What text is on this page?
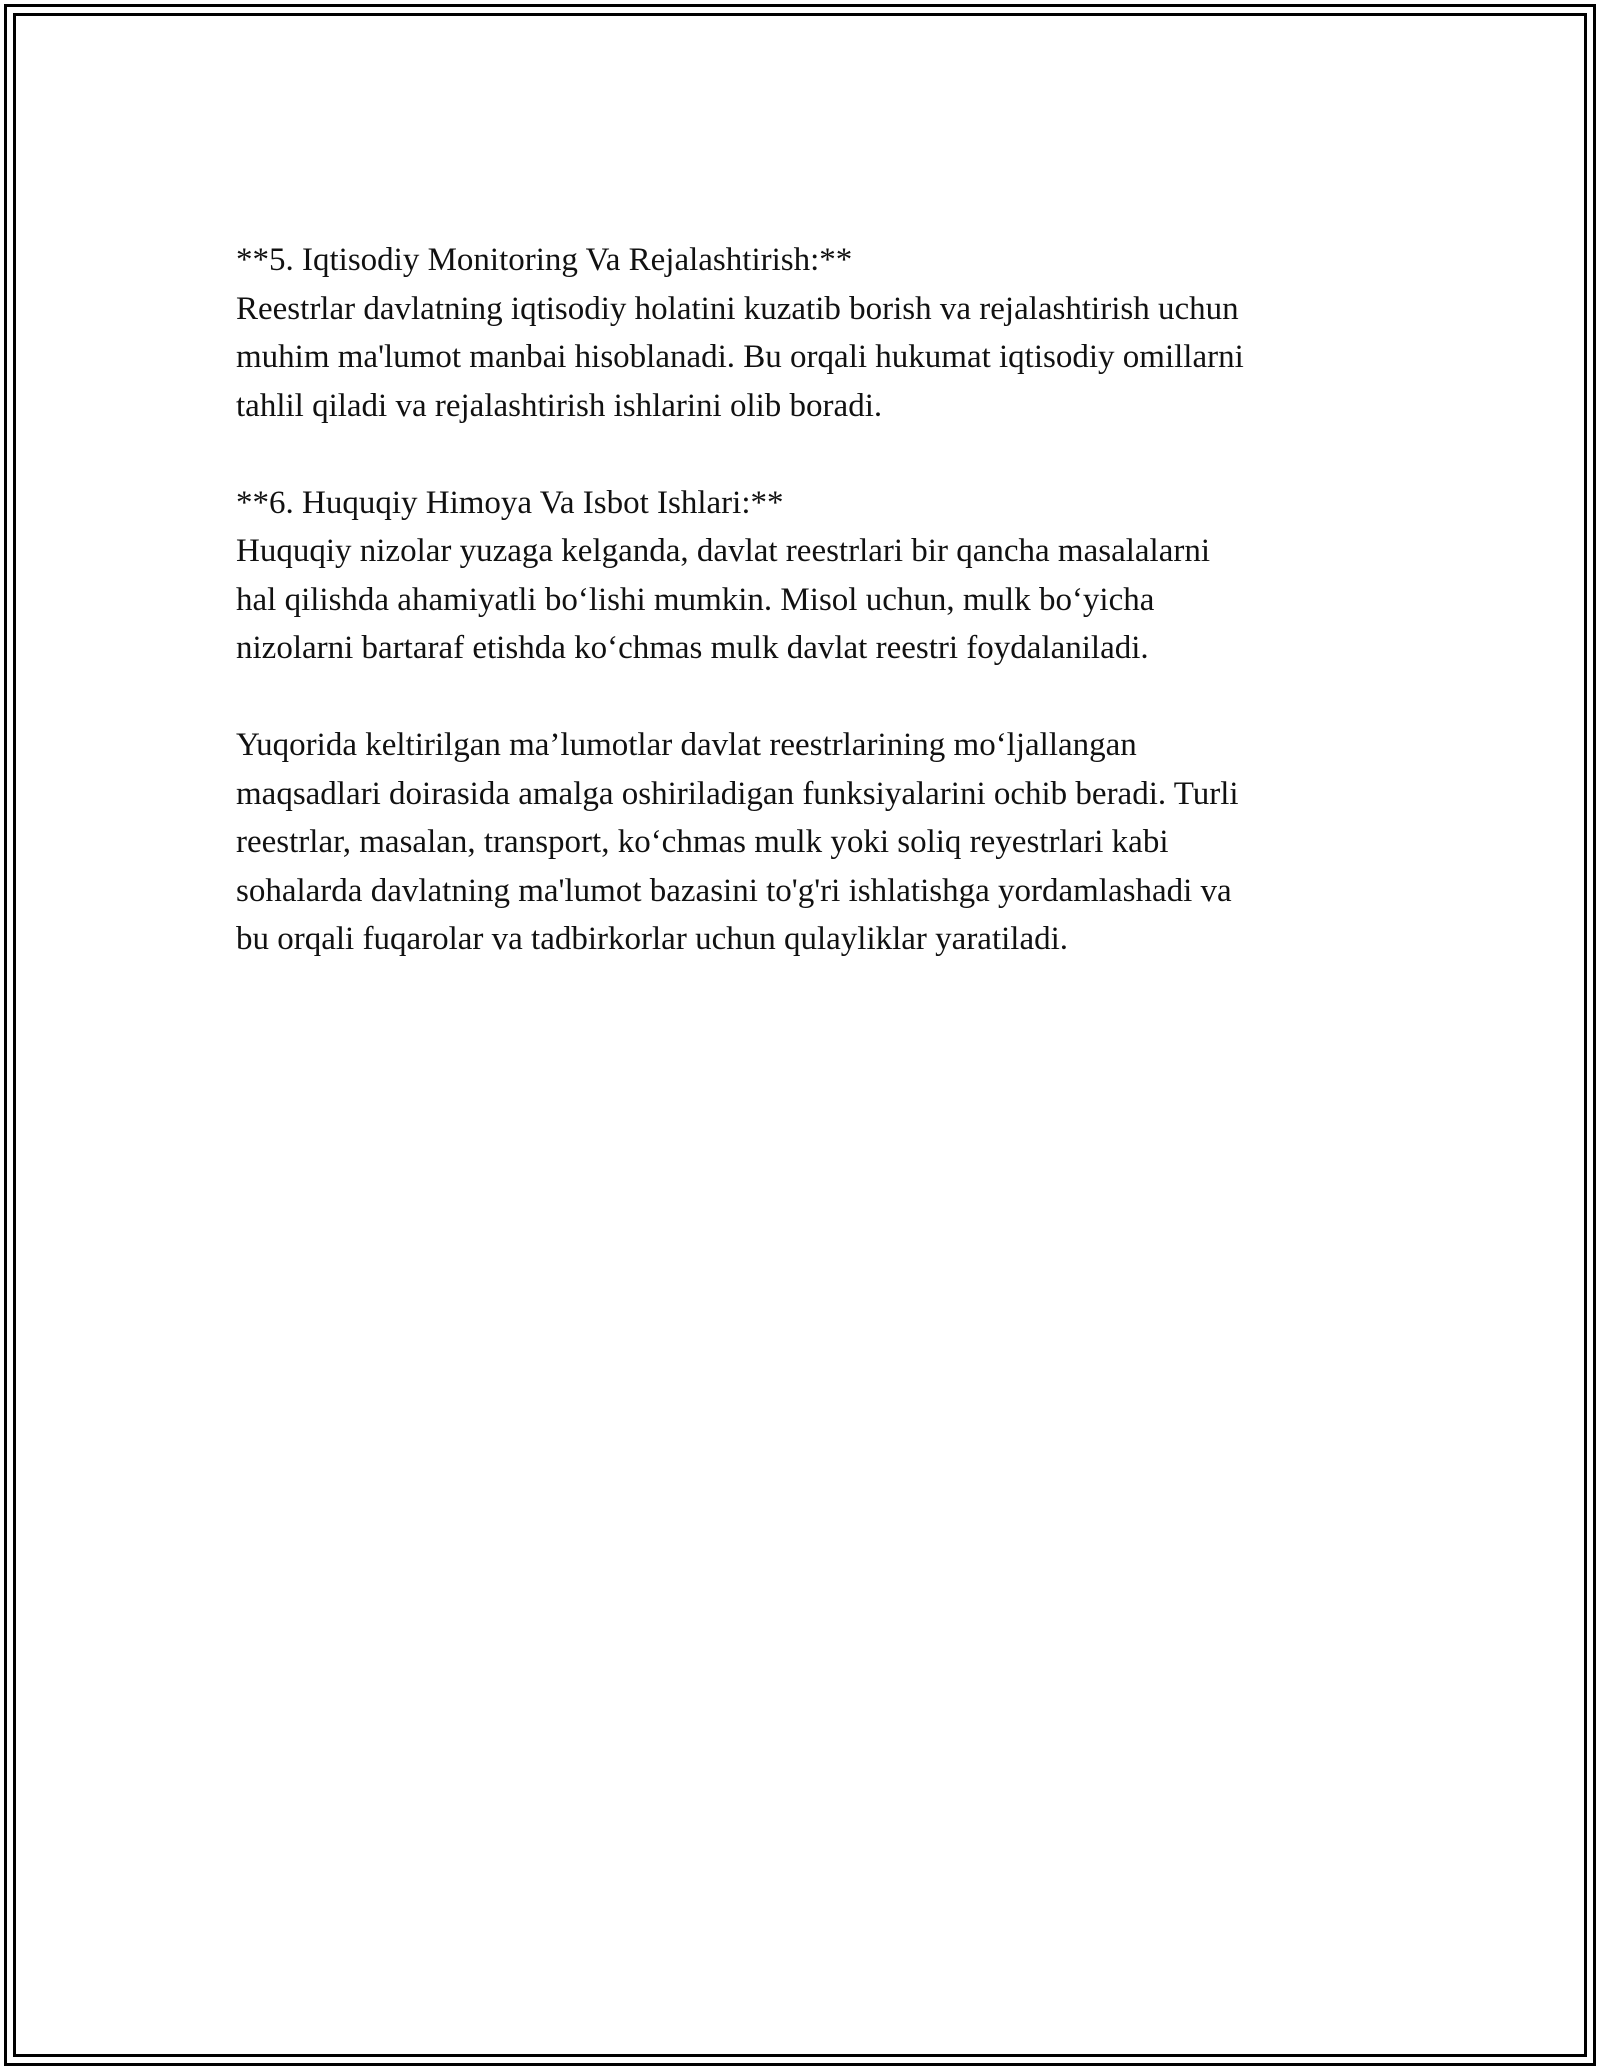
**5. Iqtisodiy Monitoring Va Rejalashtirish:**
Reestrlar davlatning iqtisodiy holatini kuzatib borish va rejalashtirish uchun
muhim ma'lumot manbai hisoblanadi. Bu orqali hukumat iqtisodiy omillarni
tahlil qiladi va rejalashtirish ishlarini olib boradi.

**6. Huquqiy Himoya Va Isbot Ishlari:**
Huquqiy nizolar yuzaga kelganda, davlat reestrlari bir qancha masalalarni
hal qilishda ahamiyatli bo‘lishi mumkin. Misol uchun, mulk bo‘yicha
nizolarni bartaraf etishda ko‘chmas mulk davlat reestri foydalaniladi.

Yuqorida keltirilgan ma’lumotlar davlat reestrlarining mo‘ljallangan
maqsadlari doirasida amalga oshiriladigan funksiyalarini ochib beradi. Turli
reestrlar, masalan, transport, ko‘chmas mulk yoki soliq reyestrlari kabi
sohalarda davlatning ma'lumot bazasini to'g'ri ishlatishga yordamlashadi va
bu orqali fuqarolar va tadbirkorlar uchun qulayliklar yaratiladi.
